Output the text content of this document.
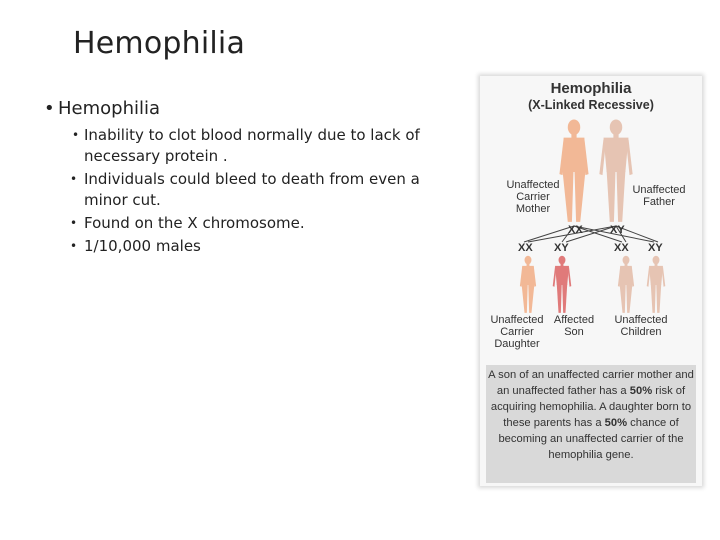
Hemophilia
• Hemophilia
• Inability to clot blood normally due to lack of necessary protein .
• Individuals could bleed to death from even a minor cut.
• Found on the X chromosome.
• 1/10,000 males
Hemophilia
(X-Linked Recessive)
Unaffected Carrier Mother
Unaffected Father
XX XY
XX XY	XX XY
Unaffected Carrier Daughter
Affected Son
Unaffected Children
A son of an unaffected carrier mother and an unaffected father has a 50% risk of acquiring hemophilia. A daughter born to these parents has a 50% chance of becoming an unaffected carrier of the hemophilia gene.
